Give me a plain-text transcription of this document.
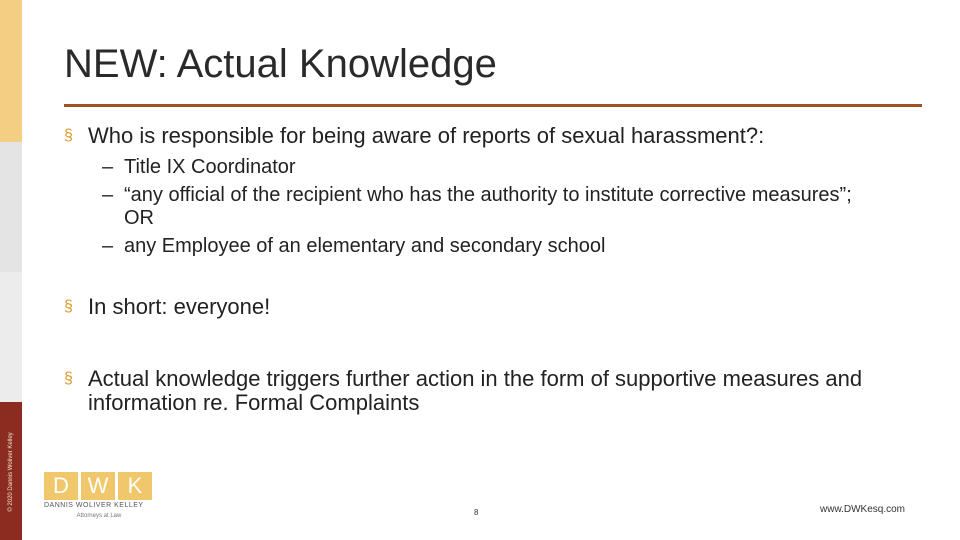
© 2020 Dannis Woliver Kelley
NEW: Actual Knowledge
§ Who is responsible for being aware of reports of sexual harassment?:
– Title IX Coordinator
– “any official of the recipient who has the authority to institute corrective measures”; OR
– any Employee of an elementary and secondary school
§ In short: everyone!
§ Actual knowledge triggers further action in the form of supportive measures and information re. Formal Complaints
D W K
DANNIS WOLIVER KELLEY
Attorneys at Law	8	www.DWKesq.com
